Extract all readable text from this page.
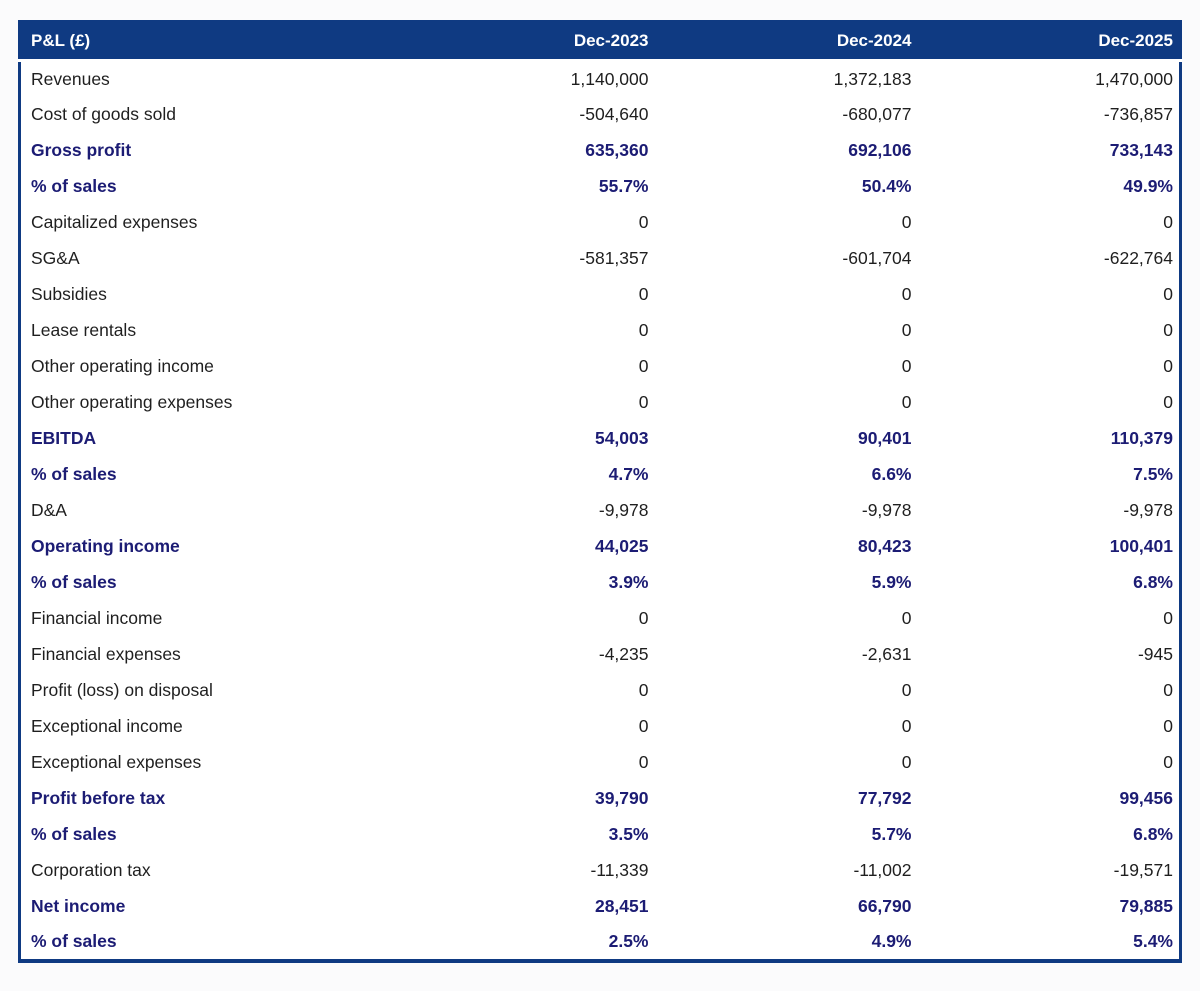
P&L (£)	Dec-2023	Dec-2024	Dec-2025
Revenues	1,140,000	1,372,183	1,470,000
Cost of goods sold	-504,640	-680,077	-736,857
Gross profit	635,360	692,106	733,143
% of sales	55.7%	50.4%	49.9%
Capitalized expenses	0	0	0
SG&A	-581,357	-601,704	-622,764
Subsidies	0	0	0
Lease rentals	0	0	0
Other operating income	0	0	0
Other operating expenses	0	0	0
EBITDA	54,003	90,401	110,379
% of sales	4.7%	6.6%	7.5%
D&A	-9,978	-9,978	-9,978
Operating income	44,025	80,423	100,401
% of sales	3.9%	5.9%	6.8%
Financial income	0	0	0
Financial expenses	-4,235	-2,631	-945
Profit (loss) on disposal	0	0	0
Exceptional income	0	0	0
Exceptional expenses	0	0	0
Profit before tax	39,790	77,792	99,456
% of sales	3.5%	5.7%	6.8%
Corporation tax	-11,339	-11,002	-19,571
Net income	28,451	66,790	79,885
% of sales	2.5%	4.9%	5.4%
